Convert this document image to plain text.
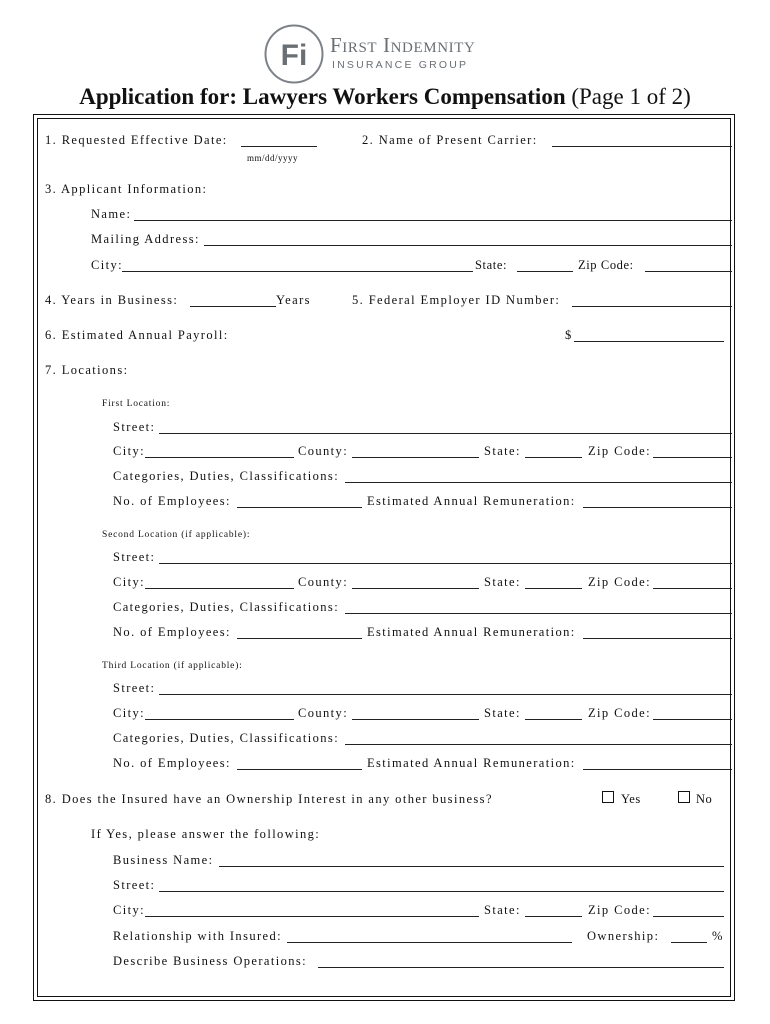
Fi First Indemnity
INSURANCE GROUP
Application for: Lawyers Workers Compensation (Page 1 of 2)
1. Requested Effective Date:
mm/dd/yyyy
2. Name of Present Carrier:
3. Applicant Information:
Name:
Mailing Address:
City:	State:	Zip Code:
4. Years in Business:	Years	5. Federal Employer ID Number:
6. Estimated Annual Payroll:	$
7. Locations:
First Location:
Street:
City:	County:	State:	Zip Code:
Categories, Duties, Classifications:
No. of Employees:	Estimated Annual Remuneration:
Second Location (if applicable):
Street:
City:	County:	State:	Zip Code:
Categories, Duties, Classifications:
No. of Employees:	Estimated Annual Remuneration:
Third Location (if applicable):
Street:
City:	County:	State:	Zip Code:
Categories, Duties, Classifications:
No. of Employees:	Estimated Annual Remuneration:
8. Does the Insured have an Ownership Interest in any other business?	Yes	No
If Yes, please answer the following:
Business Name:
Street:
City:	State:	Zip Code:
Relationship with Insured:	Ownership:	%
Describe Business Operations:
